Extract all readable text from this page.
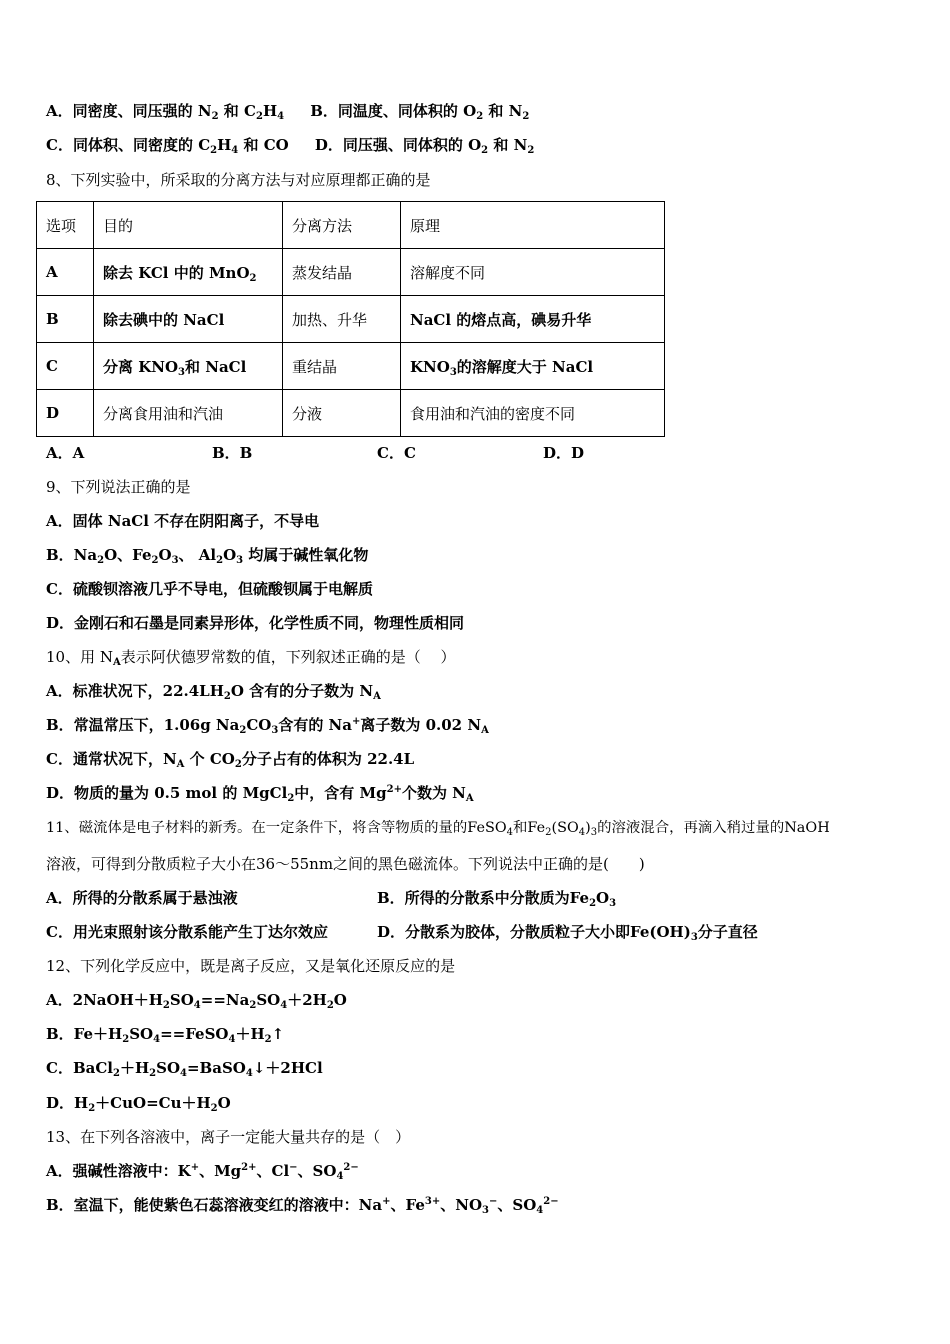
A．同密度、同压强的 $N_2$ 和 $C_2H_4$ B．同温度、同体积的 $O_2$ 和 $N_2$
C．同体积、同密度的 $C_2H_4$ 和 CO D．同压强、同体积的 $O_2$ 和 $N_2$
8、下列实验中，所采取的分离方法与对应原理都正确的是
选项	目的	分离方法	原理
A	除去 KCl 中的 MnO$_2$	蒸发结晶	溶解度不同
B	除去碘中的 NaCl	加热、升华	NaCl 的熔点高，碘易升华
C	分离 $KNO_3$和 NaCl	重结晶	$KNO_3$的溶解度大于 NaCl
D	分离食用油和汽油	分液	食用油和汽油的密度不同
A．A	B．B	C．C	D．D
9、下列说法正确的是
A．固体 NaCl 不存在阴阳离子，不导电
B．$Na_2O$、$Fe_2O_3$、 $Al_2O_3$ 均属于碱性氧化物
C．硫酸钡溶液几乎不导电，但硫酸钡属于电解质
D．金刚石和石墨是同素异形体，化学性质不同，物理性质相同
10、用 $N_A$表示阿伏德罗常数的值，下列叙述正确的是（　 ）
A．标准状况下，$22.4LH_2O$ 含有的分子数为 $N_A$
B．常温常压下，1.06g $Na_2CO_3$含有的 Na+离子数为 0.02 $N_A$
C．通常状况下，$N_A$ 个 $CO_2$分子占有的体积为 22.4L
D．物质的量为 0.5 mol 的 MgCl$_2$中，含有 $Mg^{2+}$个数为 $N_A$
11、磁流体是电子材料的新秀。在一定条件下，将含等物质的量的FeSO$_4$和$Fe_2(SO_4)_3$的溶液混合，再滴入稍过量的NaOH
溶液，可得到分散质粒子大小在36～55nm之间的黑色磁流体。下列说法中正确的是(　　)
A．所得的分散系属于悬浊液	B．所得的分散系中分散质为$Fe_2O_3$
C．用光束照射该分散系能产生丁达尔效应	D．分散系为胶体，分散质粒子大小即$Fe(OH)_3$分子直径
12、下列化学反应中，既是离子反应，又是氧化还原反应的是
A．$2NaOH+H_2SO_4==Na_2SO_4+2H_2O$
B．$Fe+H_2SO_4==FeSO_4+H_2↑$
C．$BaCl_2+H_2SO_4=BaSO_4↓+2HCl$
D．$H_2+CuO=Cu+H_2O$
13、在下列各溶液中，离子一定能大量共存的是（　）
A．强碱性溶液中：K+、$Mg^{2+}$、Cl−、$SO_4^{2-}$
B．室温下，能使紫色石蕊溶液变红的溶液中：Na+、$Fe^{3+}$、$NO_3^-$、$SO_4^{2-}$
